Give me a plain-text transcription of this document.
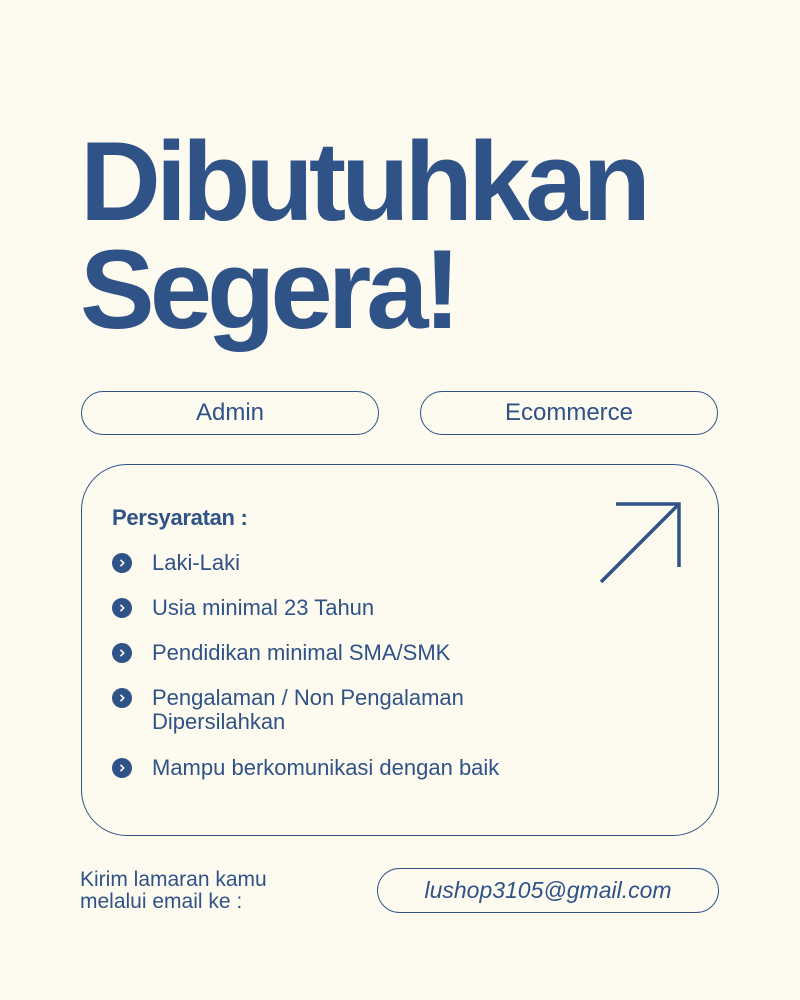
Dibutuhkan
Segera!
Admin	Ecommerce
Persyaratan :
Laki-Laki
Usia minimal 23 Tahun
Pendidikan minimal SMA/SMK
Pengalaman / Non Pengalaman
Dipersilahkan
Mampu berkomunikasi dengan baik

Kirim lamaran kamu
melalui email ke :	lushop3105@gmail.com
